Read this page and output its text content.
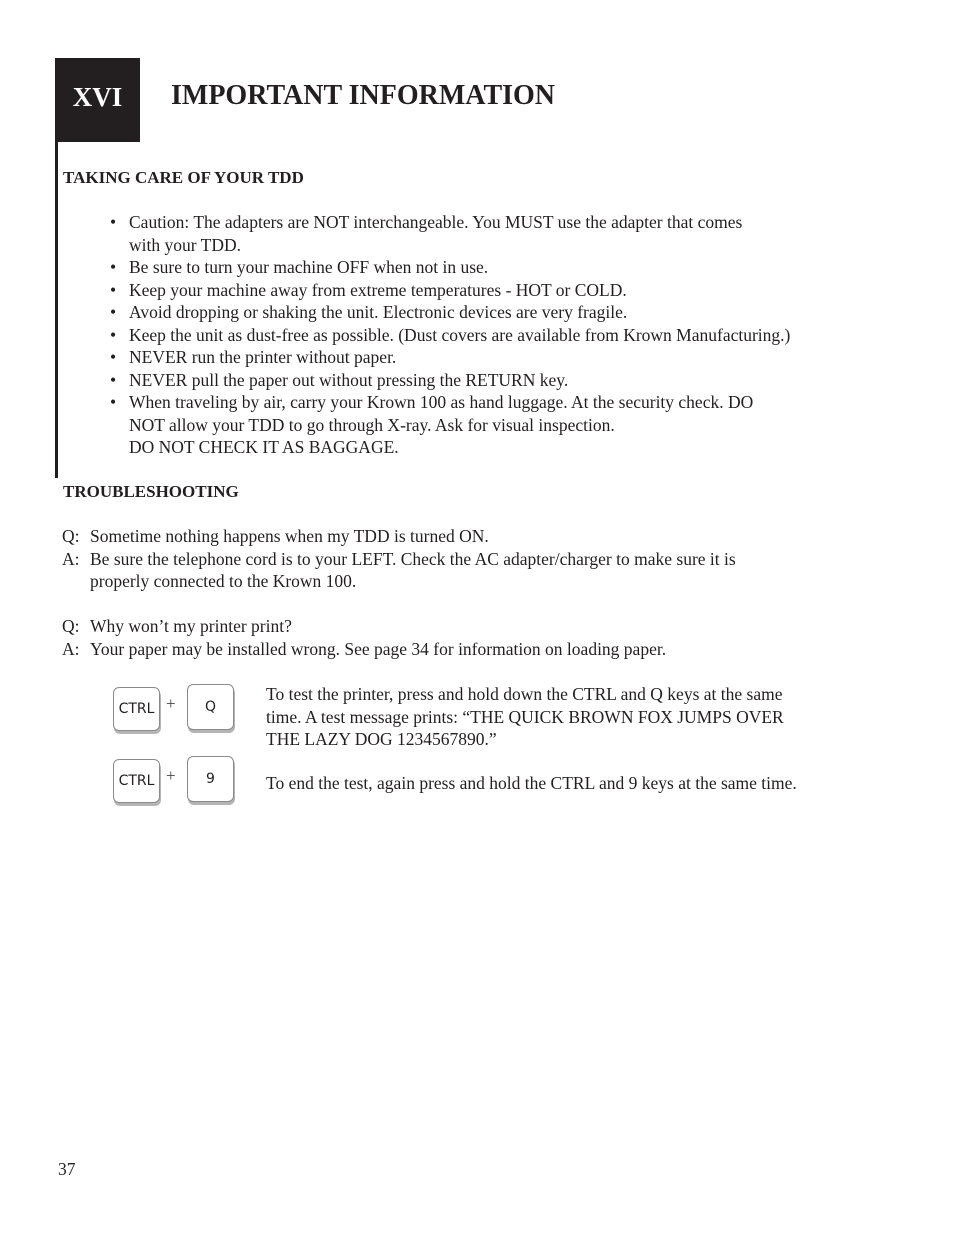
XVI IMPORTANT INFORMATION
TAKING CARE OF YOUR TDD
• Caution: The adapters are NOT interchangeable. You MUST use the adapter that comes
with your TDD.
• Be sure to turn your machine OFF when not in use.
• Keep your machine away from extreme temperatures - HOT or COLD.
• Avoid dropping or shaking the unit. Electronic devices are very fragile.
• Keep the unit as dust-free as possible. (Dust covers are available from Krown Manufacturing.)
• NEVER run the printer without paper.
• NEVER pull the paper out without pressing the RETURN key.
• When traveling by air, carry your Krown 100 as hand luggage. At the security check. DO
NOT allow your TDD to go through X-ray. Ask for visual inspection.
DO NOT CHECK IT AS BAGGAGE.
TROUBLESHOOTING
Q: Sometime nothing happens when my TDD is turned ON.
A: Be sure the telephone cord is to your LEFT. Check the AC adapter/charger to make sure it is
properly connected to the Krown 100.
Q: Why won’t my printer print?
A: Your paper may be installed wrong. See page 34 for information on loading paper.
CTRL + Q
To test the printer, press and hold down the CTRL and Q keys at the same
time. A test message prints: “THE QUICK BROWN FOX JUMPS OVER
THE LAZY DOG 1234567890.”
CTRL + 9	To end the test, again press and hold the CTRL and 9 keys at the same time.
37
